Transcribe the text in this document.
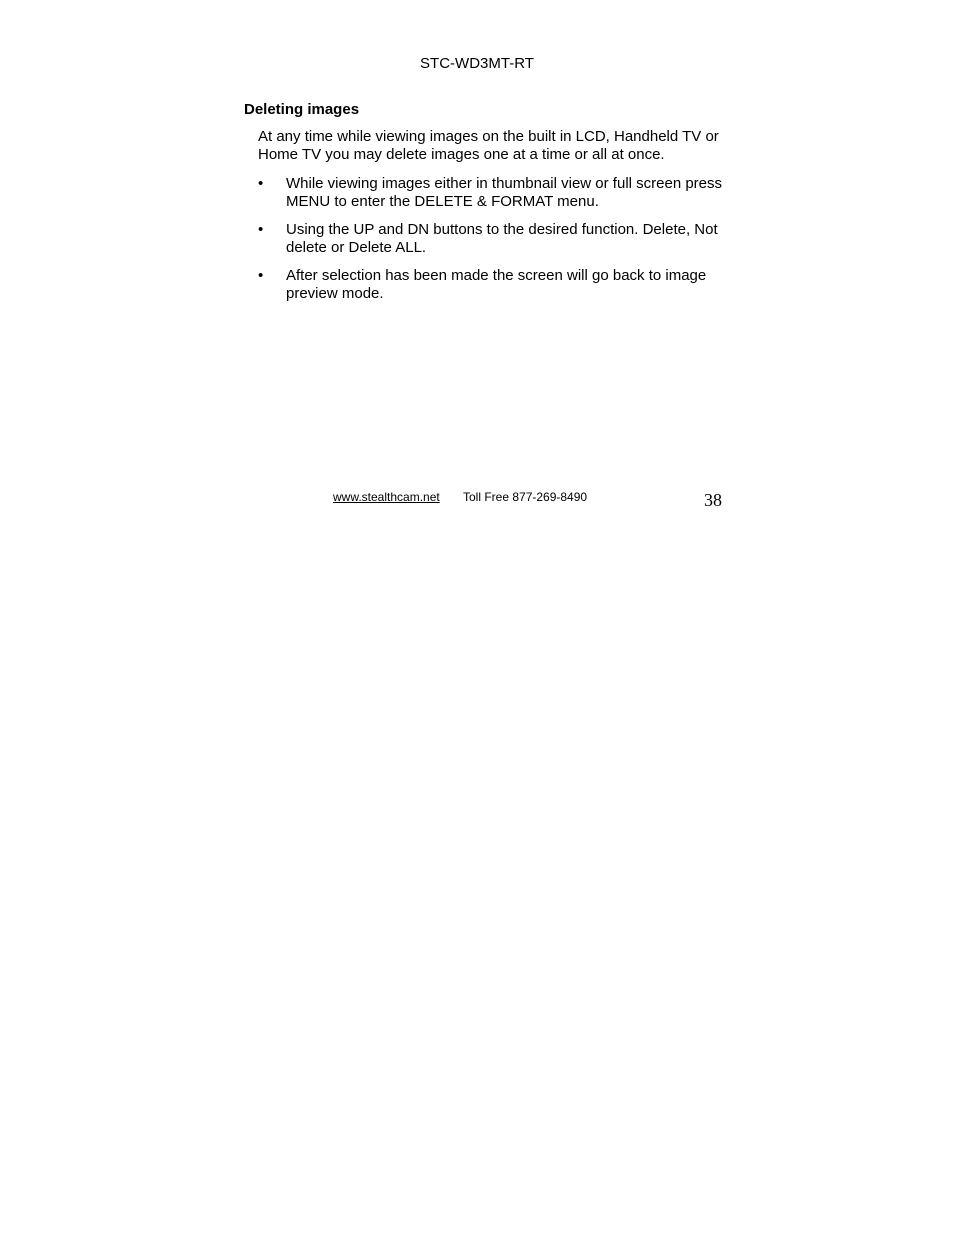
STC-WD3MT-RT
Deleting images
At any time while viewing images on the built in LCD, Handheld TV or Home TV you may delete images one at a time or all at once.
•	While viewing images either in thumbnail view or full screen press MENU to enter the DELETE & FORMAT menu.
•	Using the UP and DN buttons to the desired function. Delete, Not delete or Delete ALL.
•	After selection has been made the screen will go back to image preview mode.
www.stealthcam.net Toll Free 877-269-8490	38
